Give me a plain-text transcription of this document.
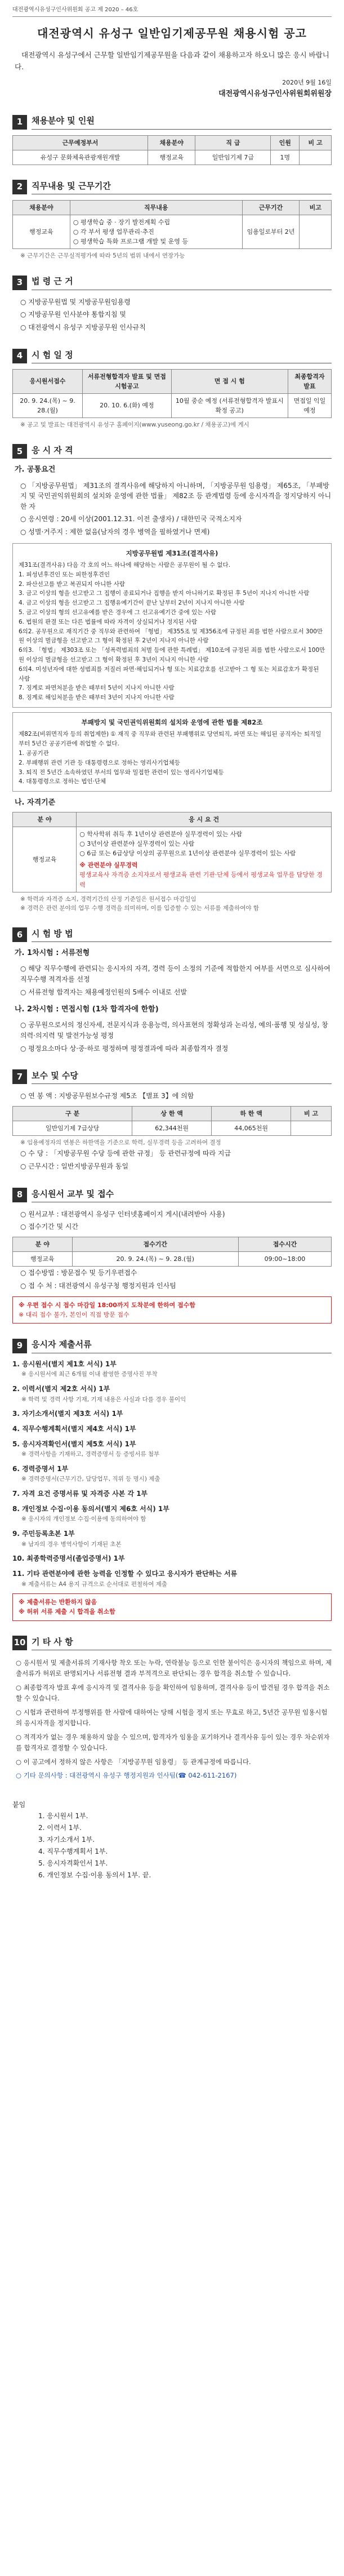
대전광역시유성구인사위원회 공고 제 2020 – 46호
대전광역시 유성구 일반임기제공무원 채용시험 공고

대전광역시 유성구에서 근무할 일반임기제공무원을 다음과 같이 채용하고자 하오니 많은 응시 바랍니다.

2020년 9월 16일
대전광역시유성구인사위원회위원장
1	채용분야 및 인원
근무예정부서	채용분야	직 급	인원	비 고
유성구 문화체육관광재원개발	행정교육	일반임기제 7급	1명	
2	직무내용 및 근무기간
채용분야	직무내용	근무기간	비고
행정교육	○ 평생학습 중 · 장기 발전계획 수립
○ 각 부서 평생 업무관리·추진
○ 평생학습 특화 프로그램 개발 및 운영 등	임용일로부터 2년	
※ 근무기간은 근무실적평가에 따라 5년의 범위 내에서 연장가능
3	법 령 근 거
○ 지방공무원법 및 지방공무원임용령
○ 지방공무원 인사분야 통합지침 및
○ 대전광역시 유성구 지방공무원 인사규칙
4	시 험 일 정
응시원서접수	서류전형합격자 발표 및 면접시험공고	면 접 시 험	최종합격자 발표
20. 9. 24.(목) ~ 9. 28.(월)	20. 10. 6.(화) 예정	10월 중순 예정 (서류전형합격자 발표시 확정 공고)	면접일 익일 예정
※ 공고 및 발표는 대전광역시 유성구 홈페이지(www.yuseong.go.kr / 채용공고)에 게시
5	응 시 자 격
가. 공통요건
○ 「지방공무원법」 제31조의 결격사유에 해당하지 아니하며, 「지방공무원 임용령」 제65조, 「부패방지 및 국민권익위원회의 설치와 운영에 관한 법률」 제82조 등 관계법령 등에 응시자격을 정지당하지 아니한 자
○ 응시연령 : 20세 이상(2001.12.31. 이전 출생자) / 대한민국 국적소지자
○ 성별·거주지 : 제한 없음(남자의 경우 병역을 필하였거나 면제)
지방공무원법 제31조(결격사유)
제31조(결격사유) 다음 각 호의 어느 하나에 해당하는 사람은 공무원이 될 수 없다.
1. 피성년후견인 또는 피한정후견인
2. 파산선고를 받고 복권되지 아니한 사람
3. 금고 이상의 형을 선고받고 그 집행이 종료되거나 집행을 받지 아니하기로 확정된 후 5년이 지나지 아니한 사람
4. 금고 이상의 형을 선고받고 그 집행유예기간이 끝난 날부터 2년이 지나지 아니한 사람
5. 금고 이상의 형의 선고유예를 받은 경우에 그 선고유예기간 중에 있는 사람
6. 법원의 판결 또는 다른 법률에 따라 자격이 상실되거나 정지된 사람
6의2. 공무원으로 재직기간 중 직무와 관련하여 「형법」 제355조 및 제356조에 규정된 죄를 범한 사람으로서 300만원 이상의 벌금형을 선고받고 그 형이 확정된 후 2년이 지나지 아니한 사람
6의3. 「형법」 제303조 또는 「성폭력범죄의 처벌 등에 관한 특례법」 제10조에 규정된 죄를 범한 사람으로서 100만원 이상의 벌금형을 선고받고 그 형이 확정된 후 3년이 지나지 아니한 사람
6의4. 미성년자에 대한 성범죄를 저질러 파면·해임되거나 형 또는 치료감호를 선고받아 그 형 또는 치료감호가 확정된 사람
7. 징계로 파면처분을 받은 때부터 5년이 지나지 아니한 사람
8. 징계로 해임처분을 받은 때부터 3년이 지나지 아니한 사람
부패방지 및 국민권익위원회의 설치와 운영에 관한 법률 제82조
제82조(비위면직자 등의 취업제한) ① 재직 중 직무와 관련된 부패행위로 당연퇴직, 파면 또는 해임된 공직자는 퇴직일부터 5년간 공공기관에 취업할 수 없다.
1. 공공기관
2. 부패행위 관련 기관 등 대통령령으로 정하는 영리사기업체등
3. 퇴직 전 5년간 소속하였던 부서의 업무와 밀접한 관련이 있는 영리사기업체등
4. 대통령령으로 정하는 법인·단체
나. 자격기준
분 야	응 시 요 건
행정교육	○ 학사학위 취득 후 1년이상 관련분야 실무경력이 있는 사람
○ 3년이상 관련분야 실무경력이 있는 사람
○ 6급 또는 6급상당 이상의 공무원으로 1년이상 관련분야 실무경력이 있는 사람
※ 관련분야 실무경력
평생교육사 자격증 소지자로서 평생교육 관련 기관·단체 등에서 평생교육 업무를 담당한 경력
※ 학력과 자격증 소지, 경력기간의 산정 기준일은 원서접수 마감일임
※ 경력은 관련 분야의 업무 수행 경력을 의미하며, 이를 입증할 수 있는 서류를 제출하여야 함
6	시 험 방 법
가. 1차시험 : 서류전형
○ 해당 직무수행에 관련되는 응시자의 자격, 경력 등이 소정의 기준에 적합한지 여부를 서면으로 심사하여 직무수행 적격자를 선정
○ 서류전형 합격자는 채용예정인원의 5배수 이내로 선발
나. 2차시험 : 면접시험 (1차 합격자에 한함)
○ 공무원으로서의 정신자세, 전문지식과 응용능력, 의사표현의 정확성과 논리성, 예의·품행 및 성실성, 창의력·의지력 및 발전가능성 평정
○ 평정요소마다 상·중·하로 평정하며 평정결과에 따라 최종합격자 결정
7	보수 및 수당
○ 연 봉 액 : 지방공무원보수규정 제5조 【별표 3】에 의함
구 분	상 한 액	하 한 액	비 고
일반임기제 7급상당	62,344천원	44,065천원	
※ 임용예정자의 연봉은 하한액을 기준으로 학력, 실무경력 등을 고려하여 결정
○ 수 당 : 「지방공무원 수당 등에 관한 규정」 등 관련규정에 따라 지급
○ 근무시간 : 일반지방공무원과 동일
8	응시원서 교부 및 접수
○ 원서교부 : 대전광역시 유성구 인터넷홈페이지 게시(내려받아 사용)
○ 접수기간 및 시간
분 야	접수기간	접수시간
행정교육	20. 9. 24.(목) ~ 9. 28.(월)	09:00~18:00
○ 접수방법 : 방문접수 및 등기우편접수
○ 접 수 처 : 대전광역시 유성구청 행정지원과 인사팀
※ 우편 접수 시 접수 마감일 18:00까지 도착분에 한하여 접수함
※ 대리 접수 불가, 본인이 직접 방문 접수
9	응시자 제출서류
1. 응시원서(별지 제1호 서식) 1부
※ 응시원서에 최근 6개월 이내 촬영한 증명사진 부착
2. 이력서(별지 제2호 서식) 1부
※ 학력 및 경력 사항 기재, 기재 내용은 사실과 다를 경우 불이익
3. 자기소개서(별지 제3호 서식) 1부
4. 직무수행계획서(별지 제4호 서식) 1부
5. 응시자격확인서(별지 제5호 서식) 1부
※ 경력사항을 기재하고, 경력증명서 등 증빙서류 첨부
6. 경력증명서 1부
※ 경력증명서(근무기간, 담당업무, 직위 등 명시) 제출
7. 자격 요건 증명서류 및 자격증 사본 각 1부
8. 개인정보 수집·이용 동의서(별지 제6호 서식) 1부
※ 응시자의 개인정보 수집·이용에 동의하여야 함
9. 주민등록초본 1부
※ 남자의 경우 병역사항이 기재된 초본
10. 최종학력증명서(졸업증명서) 1부
11. 기타 관련분야에 관한 능력을 인정할 수 있다고 응시자가 판단하는 서류
※ 제출서류는 A4 용지 규격으로 순서대로 편철하여 제출
※ 제출서류는 반환하지 않음
※ 허위 서류 제출 시 합격을 취소함
10 기 타 사 항
○ 응시원서 및 제출서류의 기재사항 착오 또는 누락, 연락불능 등으로 인한 불이익은 응시자의 책임으로 하며, 제출서류가 허위로 판명되거나 서류전형 결과 부적격으로 판단되는 경우 합격을 취소할 수 있습니다.
○ 최종합격자 발표 후에 응시자격 및 결격사유 등을 확인하여 임용하며, 결격사유 등이 발견될 경우 합격을 취소할 수 있습니다.
○ 시험과 관련하여 부정행위를 한 사람에 대하여는 당해 시험을 정지 또는 무효로 하고, 5년간 공무원 임용시험의 응시자격을 정지합니다.
○ 적격자가 없는 경우 채용하지 않을 수 있으며, 합격자가 임용을 포기하거나 결격사유 등이 있는 경우 차순위자를 합격자로 결정할 수 있습니다.
○ 이 공고에서 정하지 않은 사항은 「지방공무원 임용령」 등 관계규정에 따릅니다.
○ 기타 문의사항 : 대전광역시 유성구 행정지원과 인사팀(☎ 042-611-2167)
붙임
1. 응시원서 1부.
2. 이력서 1부.
3. 자기소개서 1부.
4. 직무수행계획서 1부.
5. 응시자격확인서 1부.
6. 개인정보 수집·이용 동의서 1부. 끝.
